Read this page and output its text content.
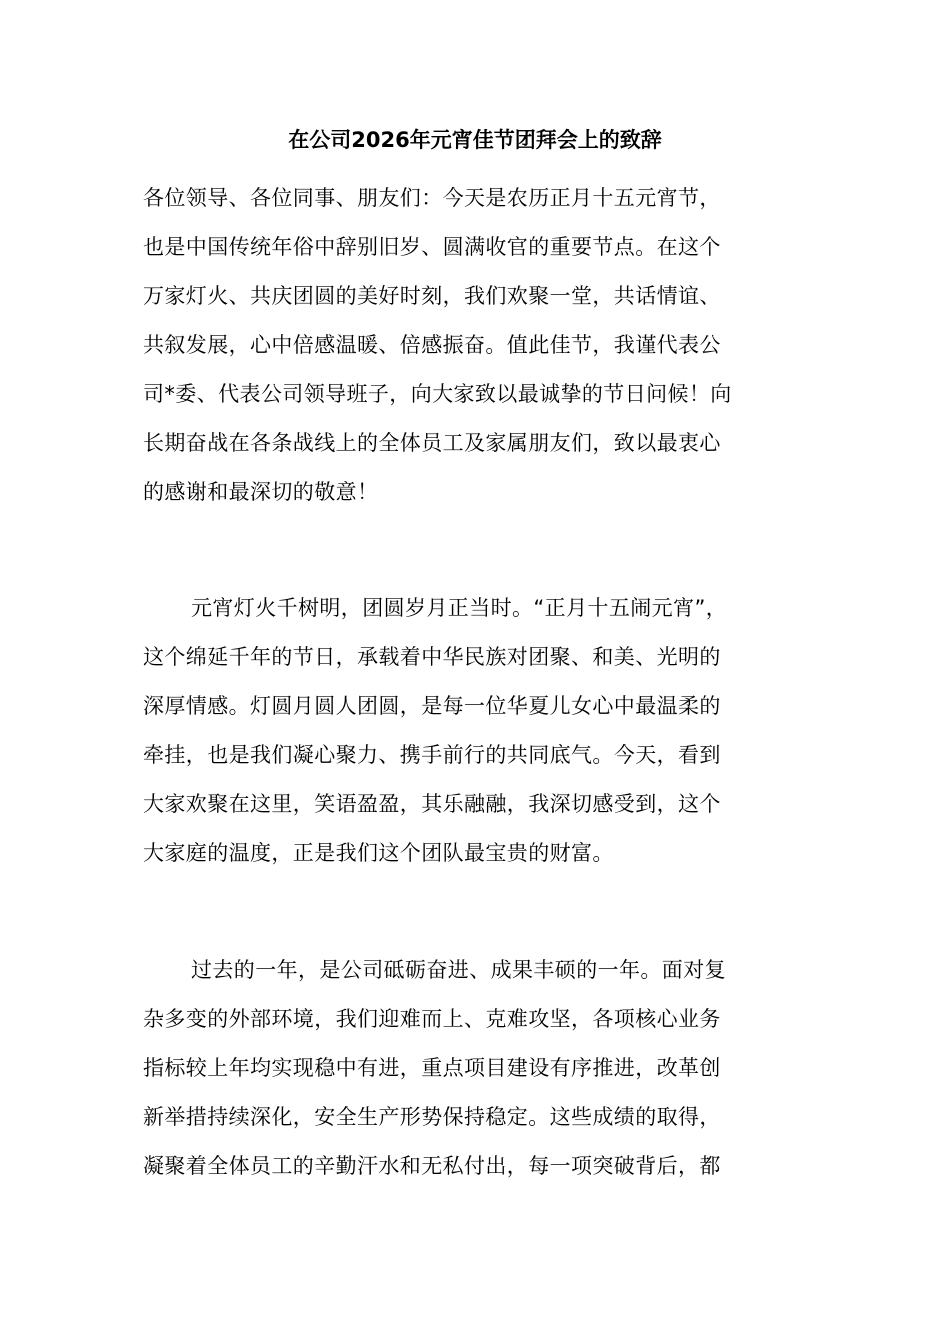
在公司2026年元宵佳节团拜会上的致辞
各位领导、各位同事、朋友们：今天是农历正月十五元宵节，
也是中国传统年俗中辞别旧岁、圆满收官的重要节点。在这个
万家灯火、共庆团圆的美好时刻，我们欢聚一堂，共话情谊、
共叙发展，心中倍感温暖、倍感振奋。值此佳节，我谨代表公
司*委、代表公司领导班子，向大家致以最诚挚的节日问候！向
长期奋战在各条战线上的全体员工及家属朋友们，致以最衷心
的感谢和最深切的敬意！
元宵灯火千树明，团圆岁月正当时。“正月十五闹元宵”，
这个绵延千年的节日，承载着中华民族对团聚、和美、光明的
深厚情感。灯圆月圆人团圆，是每一位华夏儿女心中最温柔的
牵挂，也是我们凝心聚力、携手前行的共同底气。今天，看到
大家欢聚在这里，笑语盈盈，其乐融融，我深切感受到，这个
大家庭的温度，正是我们这个团队最宝贵的财富。
过去的一年，是公司砥砺奋进、成果丰硕的一年。面对复
杂多变的外部环境，我们迎难而上、克难攻坚，各项核心业务
指标较上年均实现稳中有进，重点项目建设有序推进，改革创
新举措持续深化，安全生产形势保持稳定。这些成绩的取得，
凝聚着全体员工的辛勤汗水和无私付出，每一项突破背后，都
